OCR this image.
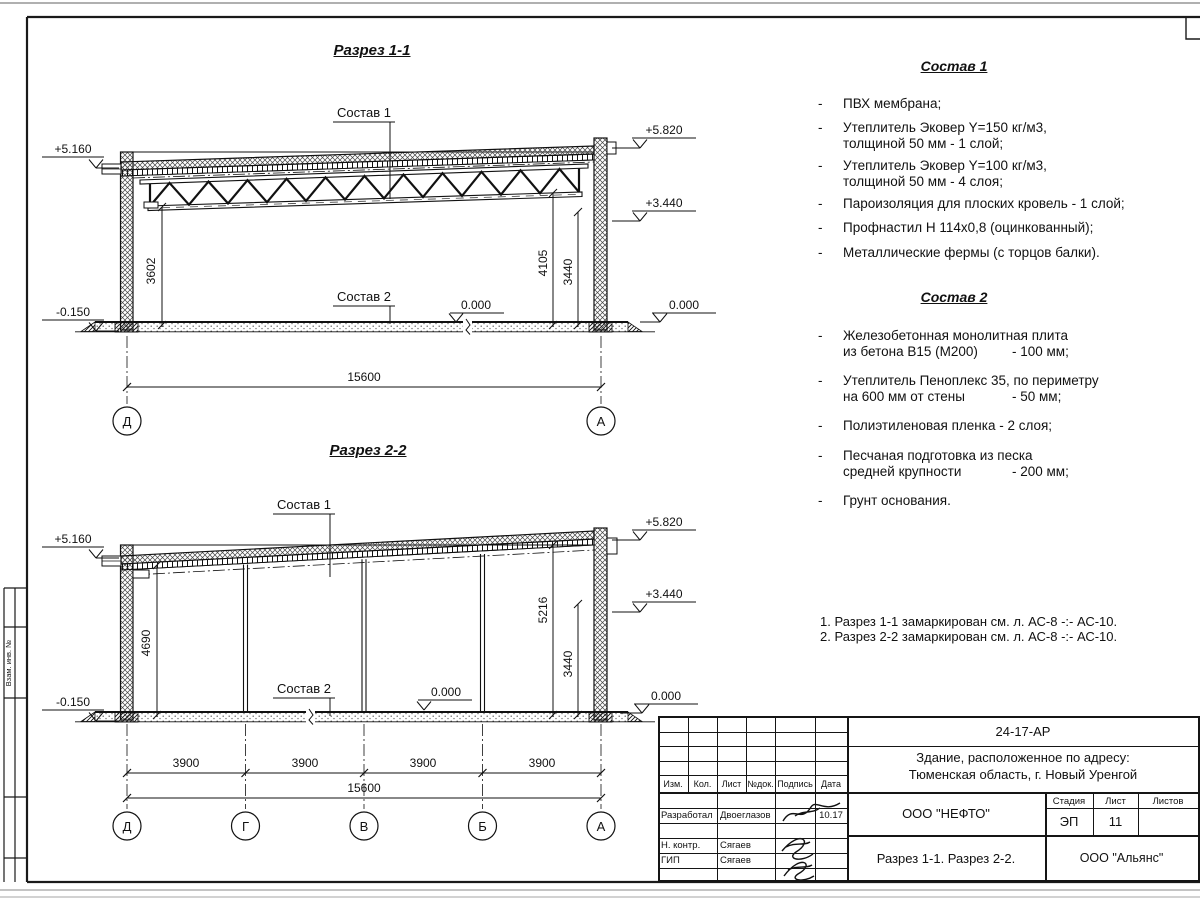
Взам. инв. №
3602	4105 3440
4690
5216
3440
Д	А
Д	Г	В	Б	А
Разрез 1-1
Состав 1
Состав 2
+5.160
-0.150
+5.820
+3.440
0.000
0.000
15600
Разрез 2-2
Состав 1
Состав 2
+5.160
-0.150
+5.820
+3.440
0.000
0.000
3900	3900	3900	3900
15600
Состав 1
- ПВХ мембрана;
- Утеплитель Эковер Y=150 кг/м3,
толщиной 50 мм - 1 слой;
- Утеплитель Эковер Y=100 кг/м3,
толщиной 50 мм - 4 слоя;
- Пароизоляция для плоских кровель - 1 слой;
- Профнастил Н 114х0,8 (оцинкованный);
- Металлические фермы (с торцов балки).
Состав 2
- Железобетонная монолитная плита
из бетона В15 (М200)	- 100 мм;
- Утеплитель Пеноплекс 35, по периметру
на 600 мм от стены	- 50 мм;
- Полиэтиленовая пленка - 2 слоя;
- Песчаная подготовка из песка
средней крупности	- 200 мм;
- Грунт основания.
1. Разрез 1-1 замаркирован см. л. АС-8 -:- АС-10.
2. Разрез 2-2 замаркирован см. л. АС-8 -:- АС-10.
Изм.	Кол.	Лист №док. Подпись Дата
Разработал Двоеглазов	10.17
Н. контр. Сягаев
ГИП	Сягаев
24-17-АР
Здание, расположенное по адресу:
Тюменская область, г. Новый Уренгой
ООО "НЕФТО"
Стадия	Лист	Листов
ЭП	11
Разрез 1-1. Разрез 2-2.	ООО "Альянс"
